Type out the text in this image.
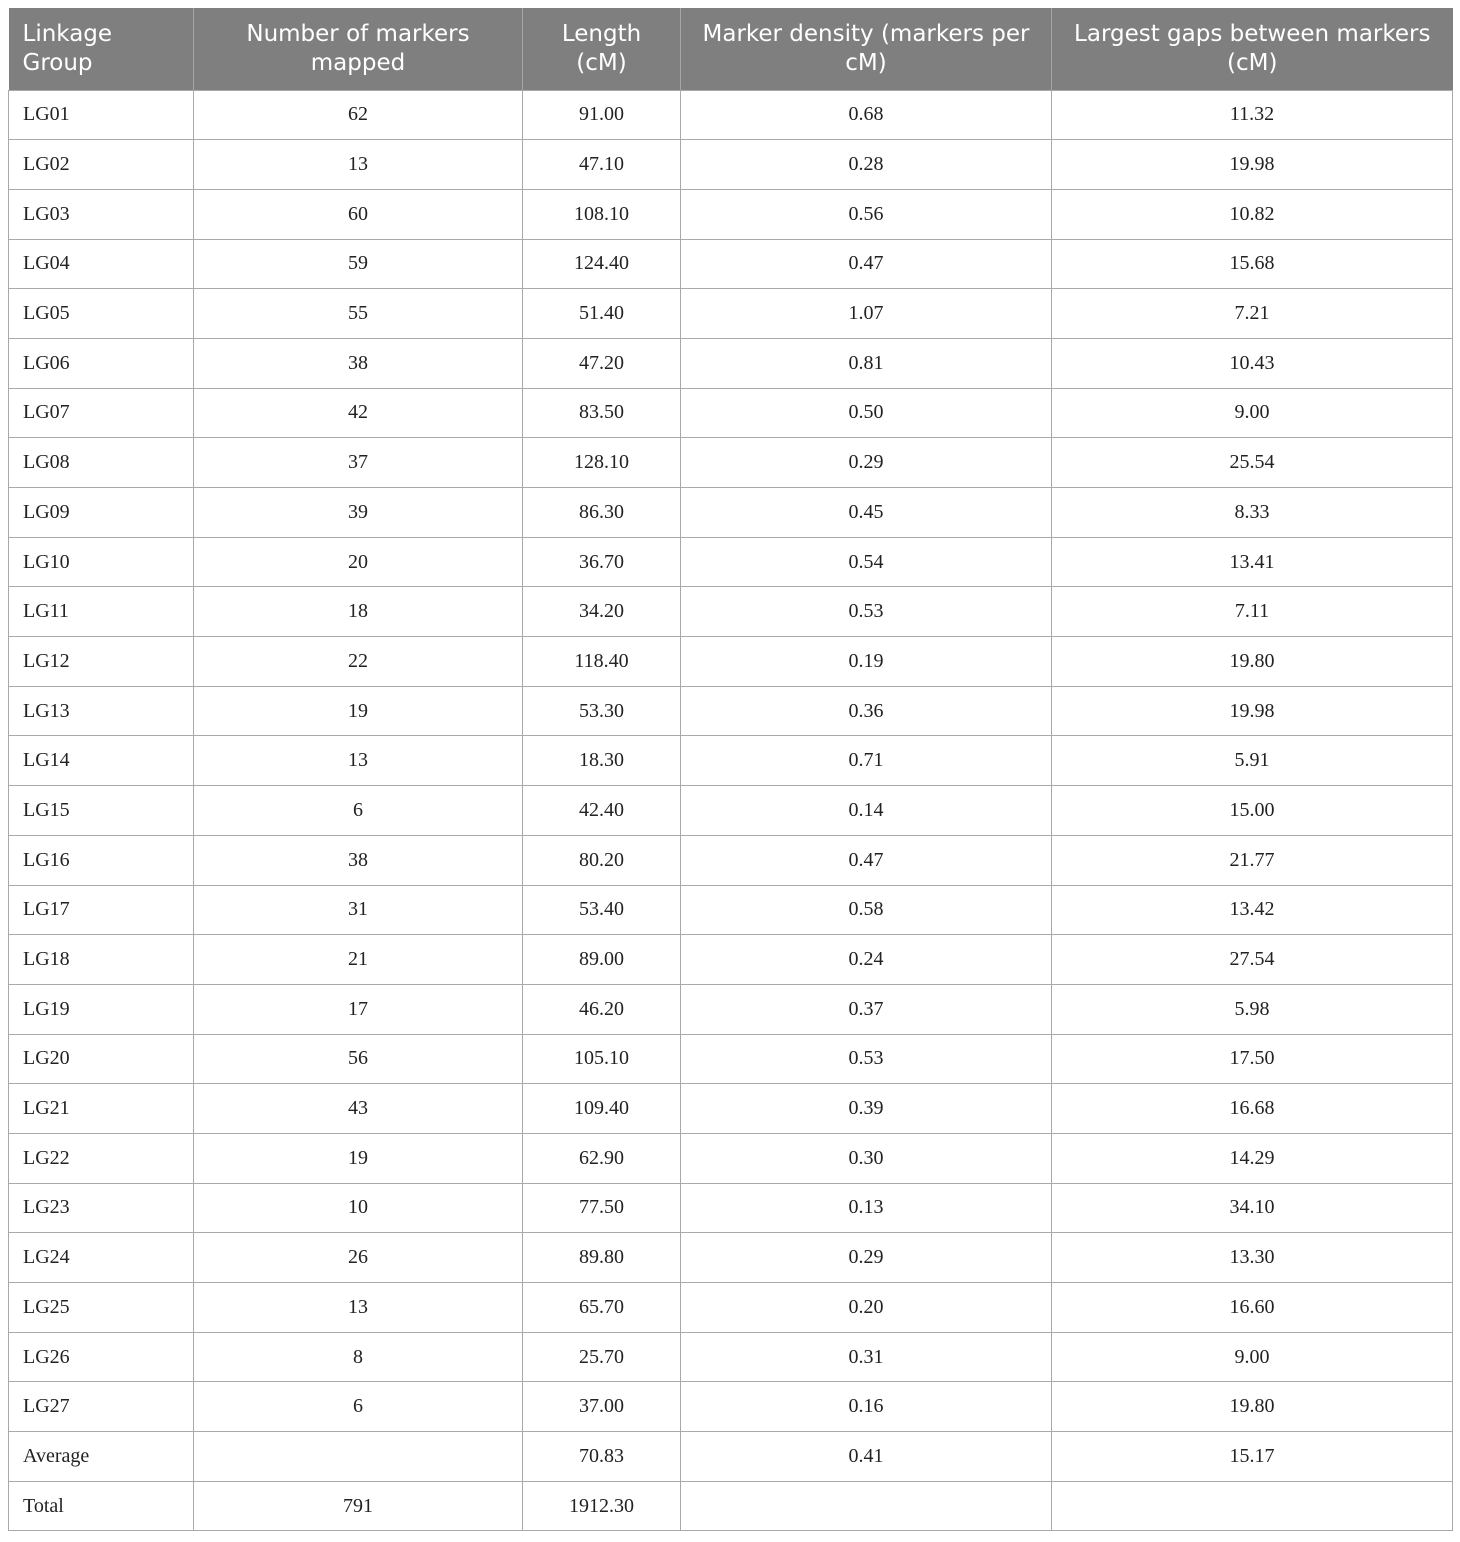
Linkage Group	Number of markers mapped	Length (cM)	Marker density (markers per cM)	Largest gaps between markers (cM)
LG01	62	91.00	0.68	11.32
LG02	13	47.10	0.28	19.98
LG03	60	108.10	0.56	10.82
LG04	59	124.40	0.47	15.68
LG05	55	51.40	1.07	7.21
LG06	38	47.20	0.81	10.43
LG07	42	83.50	0.50	9.00
LG08	37	128.10	0.29	25.54
LG09	39	86.30	0.45	8.33
LG10	20	36.70	0.54	13.41
LG11	18	34.20	0.53	7.11
LG12	22	118.40	0.19	19.80
LG13	19	53.30	0.36	19.98
LG14	13	18.30	0.71	5.91
LG15	6	42.40	0.14	15.00
LG16	38	80.20	0.47	21.77
LG17	31	53.40	0.58	13.42
LG18	21	89.00	0.24	27.54
LG19	17	46.20	0.37	5.98
LG20	56	105.10	0.53	17.50
LG21	43	109.40	0.39	16.68
LG22	19	62.90	0.30	14.29
LG23	10	77.50	0.13	34.10
LG24	26	89.80	0.29	13.30
LG25	13	65.70	0.20	16.60
LG26	8	25.70	0.31	9.00
LG27	6	37.00	0.16	19.80
Average		70.83	0.41	15.17
Total	791	1912.30		
